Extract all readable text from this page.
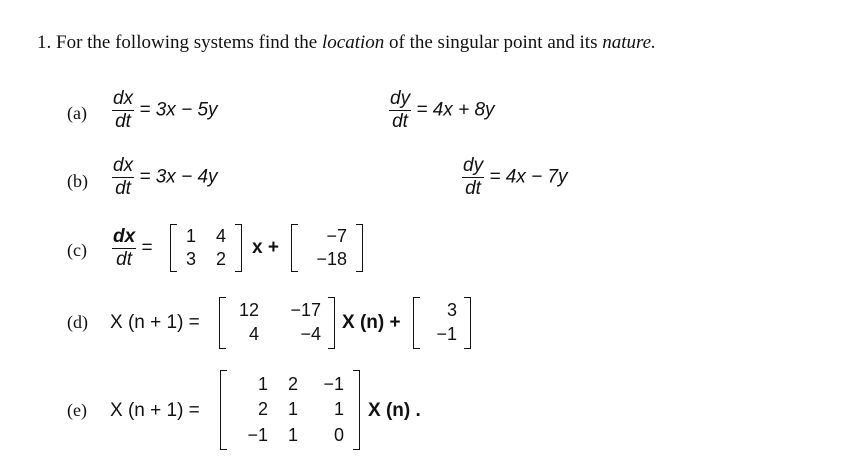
1. For the following systems find the location of the singular point and its nature.
$(a) \frac{dx}{dt} = 3x - 5y$	$\frac{dy}{dt} = 4x + 8y$
$(b) \frac{dx}{dt} = 3x - 4y$	$\frac{dy}{dt} = 4x - 7y$
$(c) \frac{dx}{dt}$ =
1	4
3	2
x +
−7
−18
(d) X (n + 1) =
12	−17
4	−4
X (n) +
3
−1
(e) X (n + 1) =
1	2	−1
2	1	1
−1	1	0
X (n) .
